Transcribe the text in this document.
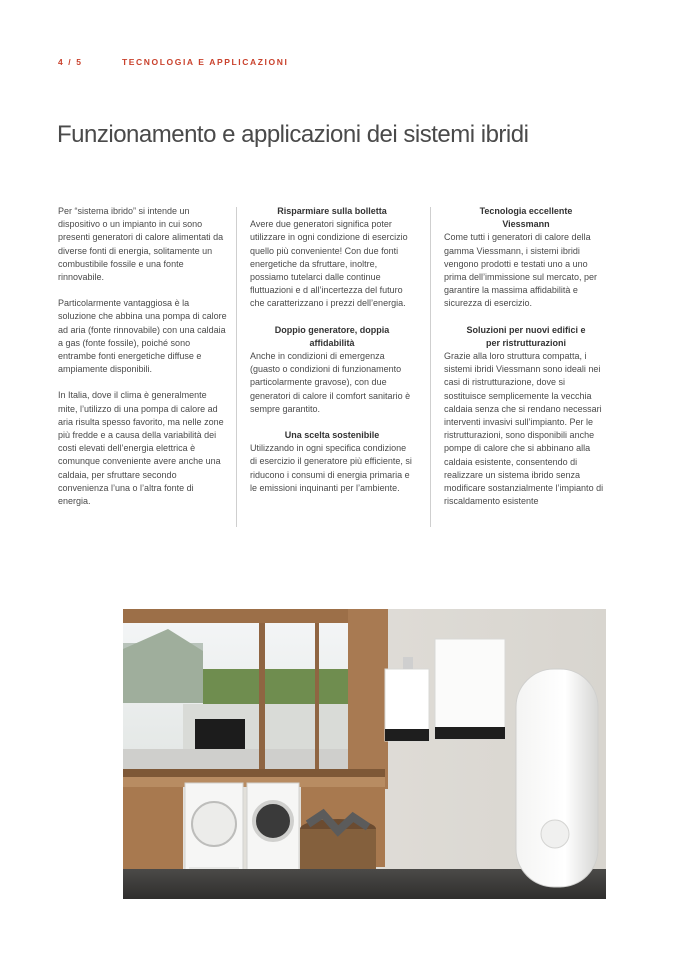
4 / 5	TECNOLOGIA E APPLICAZIONI
Funzionamento e applicazioni dei sistemi ibridi

Per “sistema ibrido” si intende un dispositivo o un impianto in cui sono presenti generatori di calore alimentati da diverse fonti di energia, solitamente un combustibile fossile e una fonte rinnovabile.

Particolarmente vantaggiosa è la soluzione che abbina una pompa di calore ad aria (fonte rinnovabile) con una caldaia a gas (fonte fossile), poiché sono entrambe fonti energetiche diffuse e ampiamente disponibili.

In Italia, dove il clima è generalmente mite, l’utilizzo di una pompa di calore ad aria risulta spesso favorito, ma nelle zone più fredde e a causa della variabilità dei costi elevati dell’energia elettrica è comunque conveniente avere anche una caldaia, per sfruttare secondo convenienza l’una o l’altra fonte di energia.

Risparmiare sulla bolletta

Avere due generatori significa poter utilizzare in ogni condizione di esercizio quello più conveniente! Con due fonti energetiche da sfruttare, inoltre, possiamo tutelarci dalle continue fluttuazioni e d all’incertezza del futuro che caratterizzano i prezzi dell’energia.

Doppio generatore, doppia affidabilità

Anche in condizioni di emergenza (guasto o condizioni di funzionamento particolarmente gravose), con due generatori di calore il comfort sanitario è sempre garantito.

Una scelta sostenibile

Utilizzando in ogni specifica condizione di esercizio il generatore più efficiente, si riducono i consumi di energia primaria e le emissioni inquinanti per l’ambiente.

Tecnologia eccellente Viessmann

Come tutti i generatori di calore della gamma Viessmann, i sistemi ibridi vengono prodotti e testati uno a uno prima dell’immissione sul mercato, per garantire la massima affidabilità e sicurezza di esercizio.

Soluzioni per nuovi edifici e per ristrutturazioni

Grazie alla loro struttura compatta, i sistemi ibridi Viessmann sono ideali nei casi di ristrutturazione, dove si sostituisce semplicemente la vecchia caldaia senza che si rendano necessari interventi invasivi sull’impianto. Per le ristrutturazioni, sono disponibili anche pompe di calore che si abbinano alla caldaia esistente, consentendo di realizzare un sistema ibrido senza modificare sostanzialmente l’impianto di riscaldamento esistente
